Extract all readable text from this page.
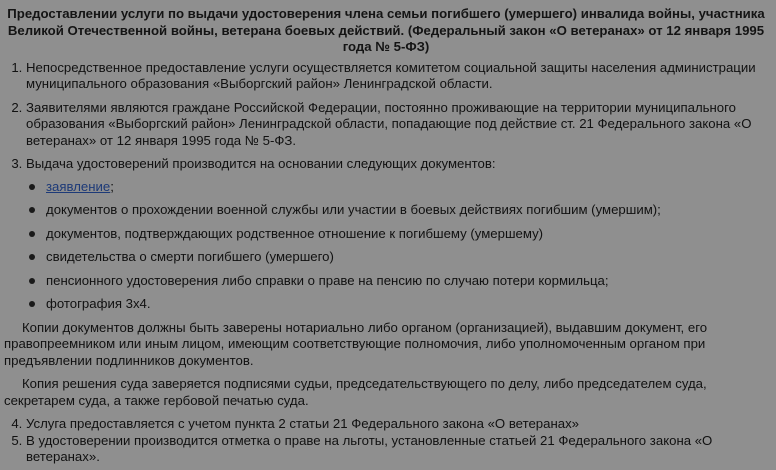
Предоставлении услуги по выдачи удостоверения члена семьи погибшего (умершего) инвалида войны, участника Великой Отечественной войны, ветерана боевых действий. (Федеральный закон «О ветеранах» от 12 января 1995 года № 5-ФЗ)
1. Непосредственное предоставление услуги осуществляется комитетом социальной защиты населения администрации муниципального образования «Выборгский район» Ленинградской области.
2. Заявителями являются граждане Российской Федерации, постоянно проживающие на территории муниципального образования «Выборгский район» Ленинградской области, попадающие под действие ст. 21 Федерального закона «О ветеранах» от 12 января 1995 года № 5-ФЗ.
3. Выдача удостоверений производится на основании следующих документов:
заявление;
документов о прохождении военной службы или участии в боевых действиях погибшим (умершим);
документов, подтверждающих родственное отношение к погибшему (умершему)
свидетельства о смерти погибшего (умершего)
пенсионного удостоверения либо справки о праве на пенсию по случаю потери кормильца;
фотография 3х4.

Копии документов должны быть заверены нотариально либо органом (организацией), выдавшим документ, его правопреемником или иным лицом, имеющим соответствующие полномочия, либо уполномоченным органом при предъявлении подлинников документов.

Копия решения суда заверяется подписями судьи, председательствующего по делу, либо председателем суда, секретарем суда, а также гербовой печатью суда.

4. Услуга предоставляется с учетом пункта 2 статьи 21 Федерального закона «О ветеранах»
5. В удостоверении производится отметка о праве на льготы, установленные статьей 21 Федерального закона «О ветеранах».
